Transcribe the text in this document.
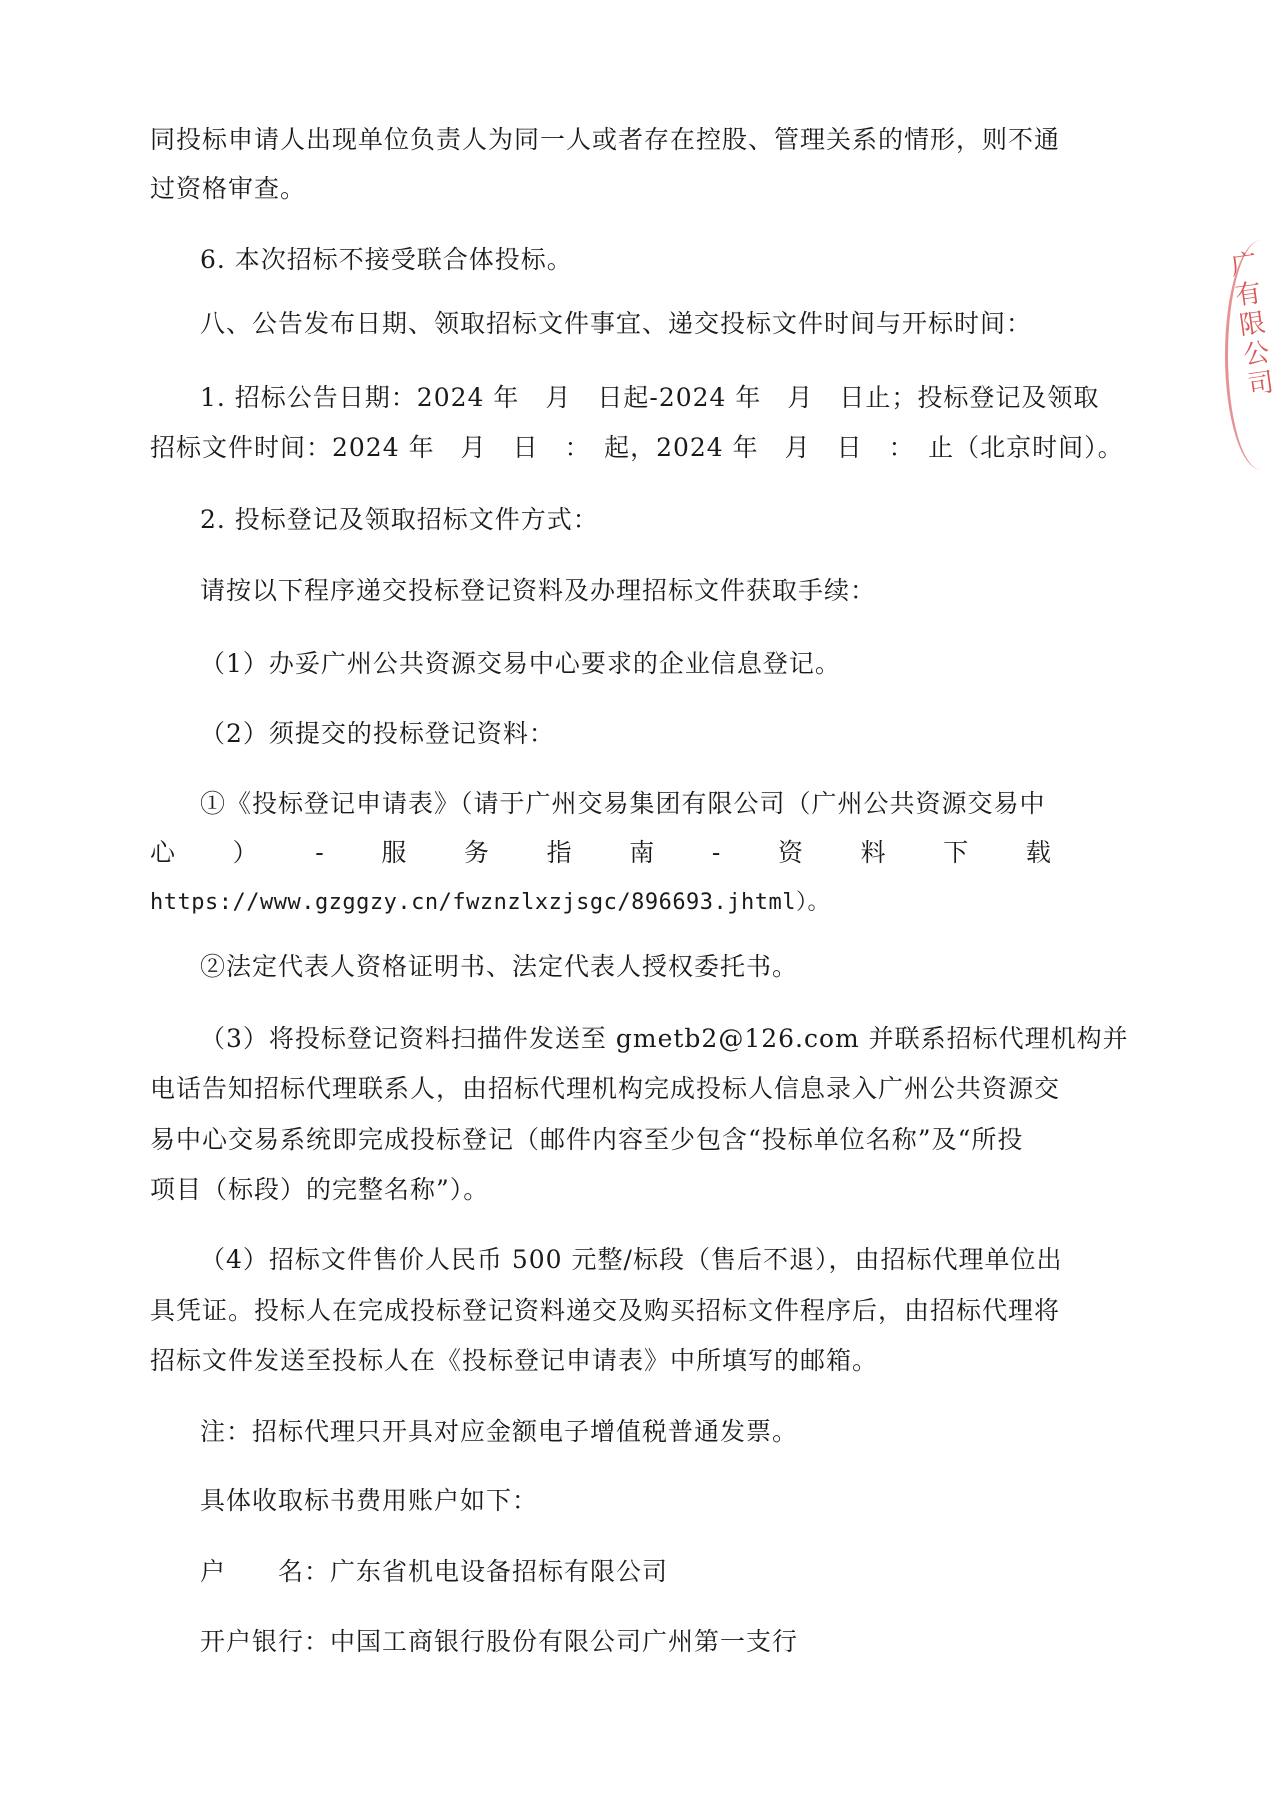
同投标申请人出现单位负责人为同一人或者存在控股、管理关系的情形，则不通
过资格审查。
6. 本次招标不接受联合体投标。
八、公告发布日期、领取招标文件事宜、递交投标文件时间与开标时间：
1. 招标公告日期：2024 年　月　日起-2024 年　月　日止；投标登记及领取
招标文件时间：2024 年　月　日　：　起，2024 年　月　日　：　止（北京时间）。
2. 投标登记及领取招标文件方式：
请按以下程序递交投标登记资料及办理招标文件获取手续：
（1）办妥广州公共资源交易中心要求的企业信息登记。
（2）须提交的投标登记资料：
①《投标登记申请表》（请于广州交易集团有限公司（广州公共资源交易中
心 ） - 服 务 指 南 - 资 料 下 载
https://www.gzggzy.cn/fwznzlxzjsgc/896693.jhtml）。
②法定代表人资格证明书、法定代表人授权委托书。
（3）将投标登记资料扫描件发送至 gmetb2@126.com 并联系招标代理机构并
电话告知招标代理联系人，由招标代理机构完成投标人信息录入广州公共资源交
易中心交易系统即完成投标登记（邮件内容至少包含“投标单位名称”及“所投
项目（标段）的完整名称”）。
（4）招标文件售价人民币 500 元整/标段（售后不退），由招标代理单位出
具凭证。投标人在完成投标登记资料递交及购买招标文件程序后，由招标代理将
招标文件发送至投标人在《投标登记申请表》中所填写的邮箱。
注：招标代理只开具对应金额电子增值税普通发票。
具体收取标书费用账户如下：
户　　名：广东省机电设备招标有限公司
开户银行：中国工商银行股份有限公司广州第一支行
广有限公司
